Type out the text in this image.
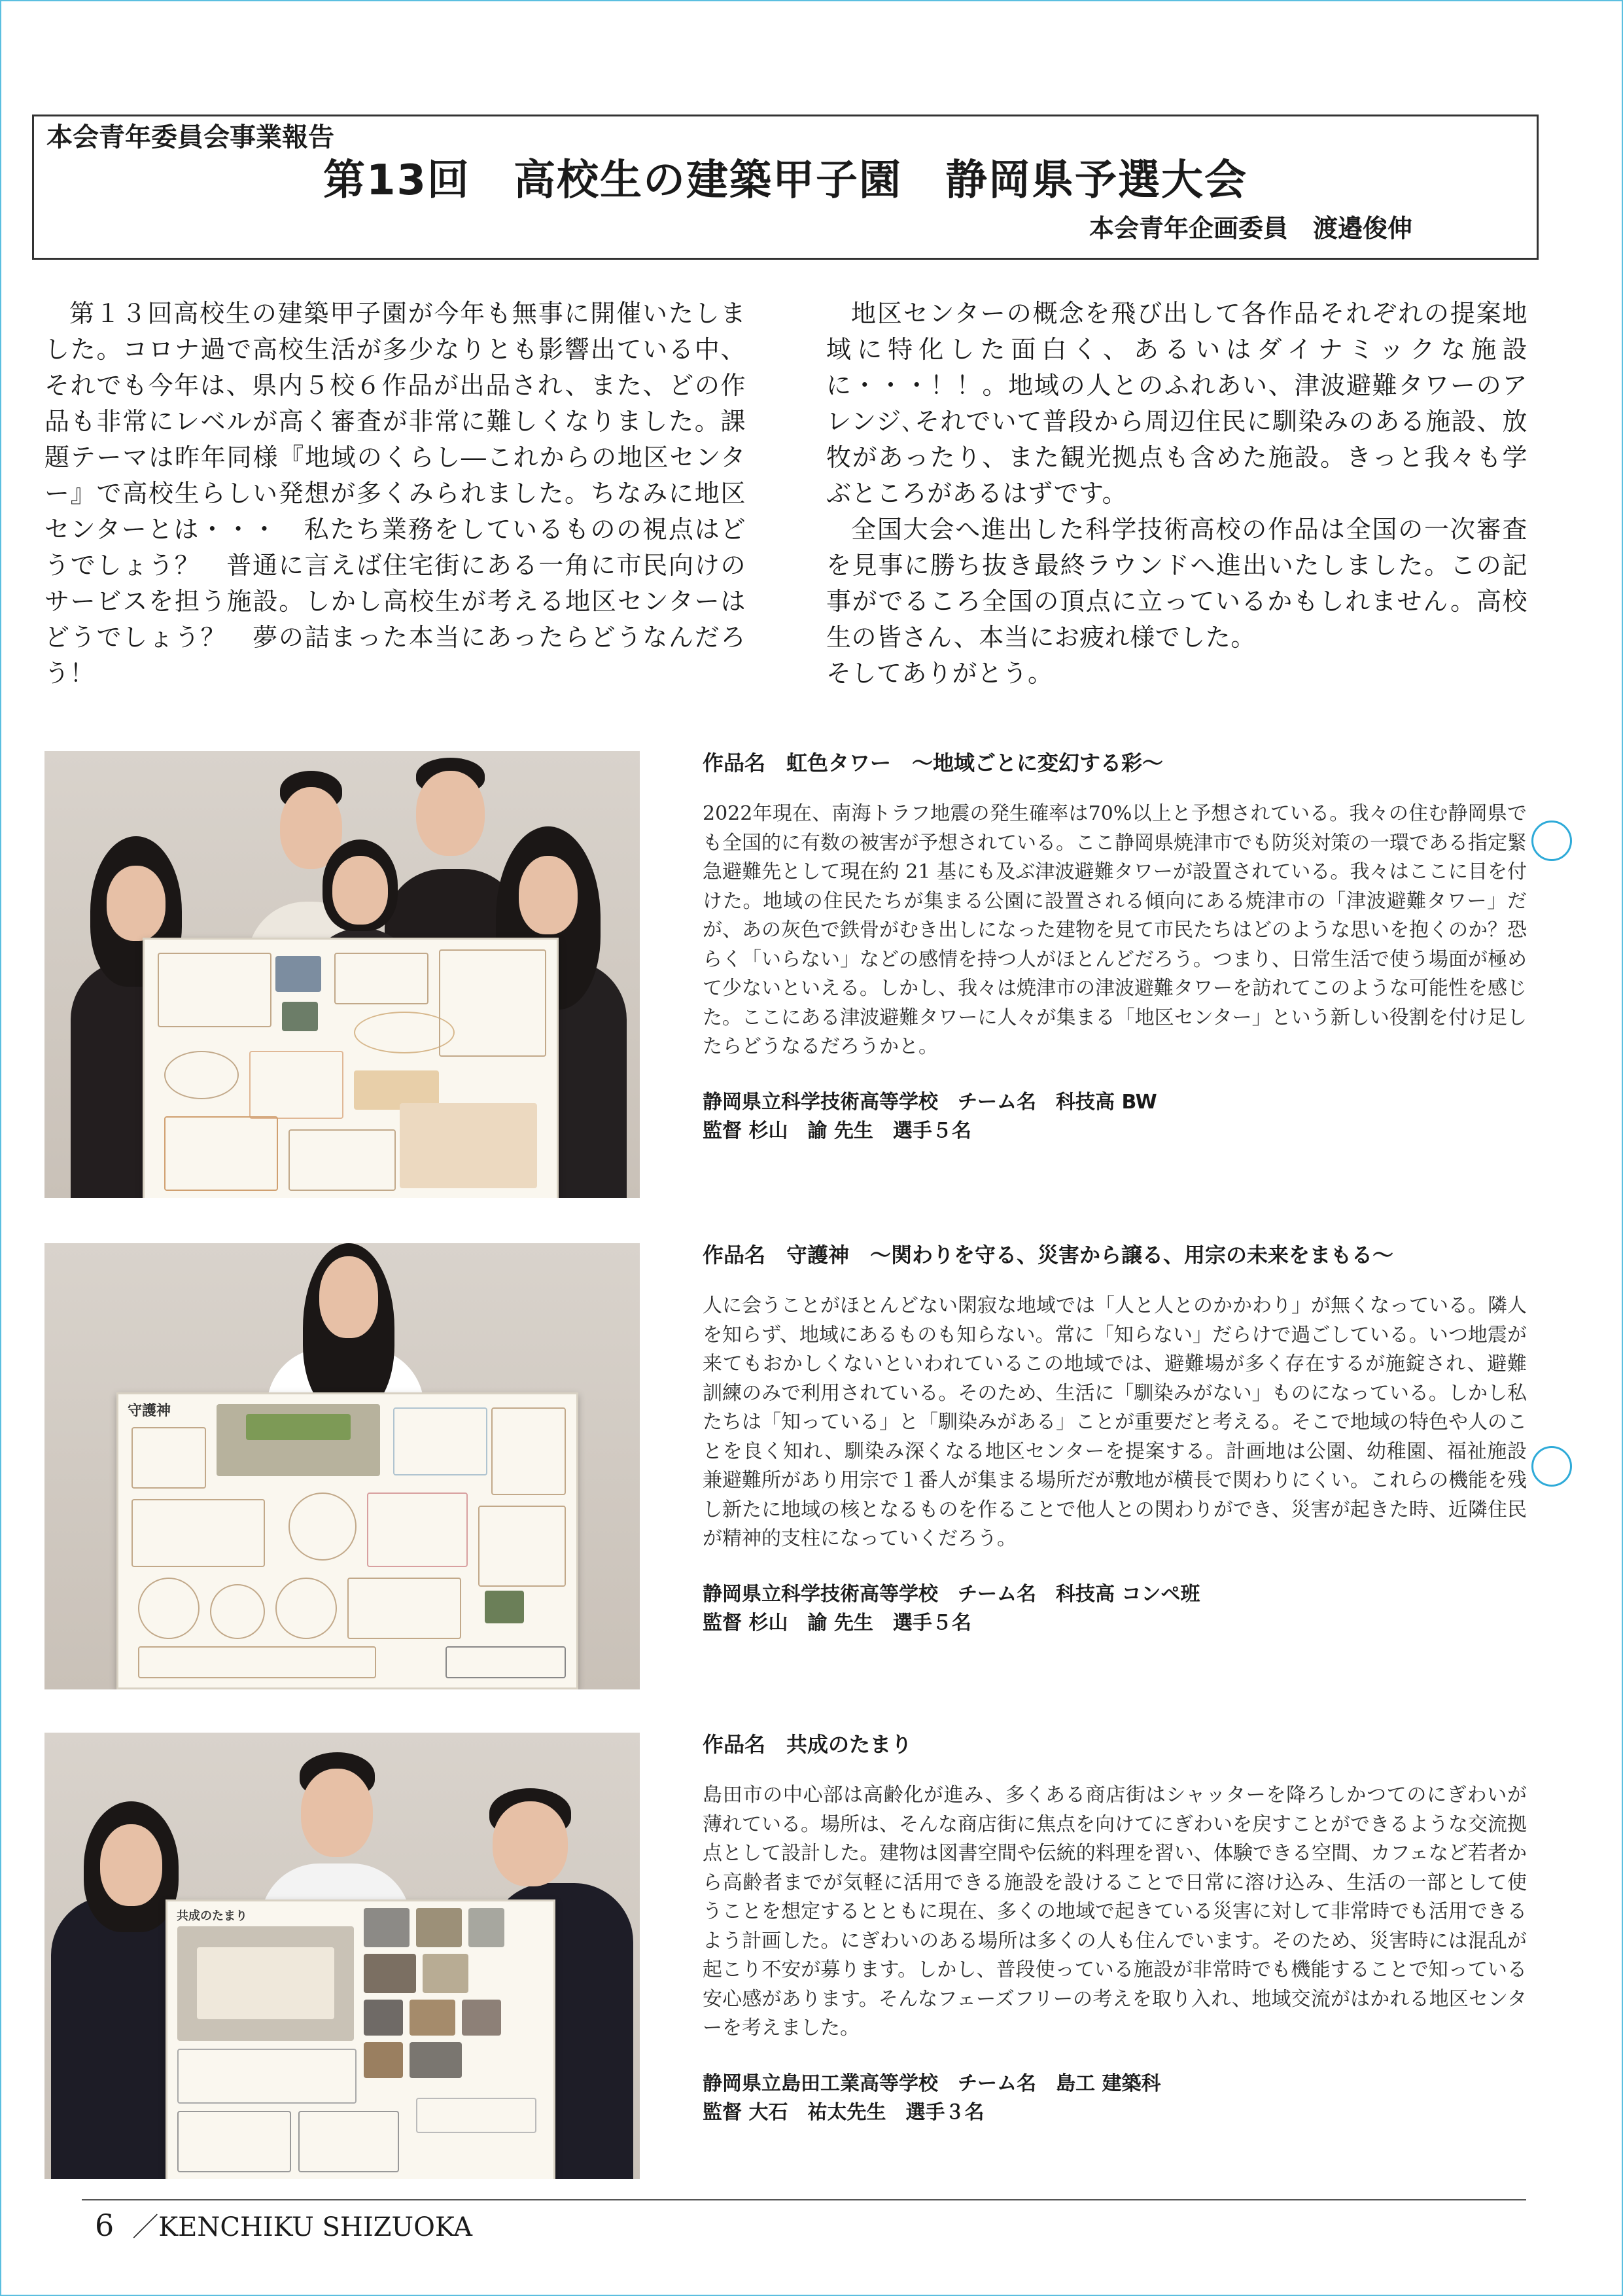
本会青年委員会事業報告
第13回　高校生の建築甲子園　静岡県予選大会
本会青年企画委員　渡邉俊伸

第１３回高校生の建築甲子園が今年も無事に開催いたしました。コロナ過で高校生活が多少なりとも影響出ている中、それでも今年は、県内５校６作品が出品され、また、どの作品も非常にレベルが高く審査が非常に難しくなりました。課題テーマは昨年同様『地域のくらし―これからの地区センター』で高校生らしい発想が多くみられました。ちなみに地区センターとは・・・　私たち業務をしているものの視点はどうでしょう？　普通に言えば住宅街にある一角に市民向けのサービスを担う施設。しかし高校生が考える地区センターはどうでしょう？　夢の詰まった本当にあったらどうなんだろう！

地区センターの概念を飛び出して各作品それぞれの提案地域に特化した面白く、あるいはダイナミックな施設に・・・！！。地域の人とのふれあい、津波避難タワーのアレンジ､それでいて普段から周辺住民に馴染みのある施設、放牧があったり、また観光拠点も含めた施設。きっと我々も学ぶところがあるはずです。

全国大会へ進出した科学技術高校の作品は全国の一次審査を見事に勝ち抜き最終ラウンドへ進出いたしました。この記事がでるころ全国の頂点に立っているかもしれません。高校生の皆さん、本当にお疲れ様でした。

そしてありがとう。

守護神
共成のたまり
作品名　虹色タワー　～地域ごとに変幻する彩～
2022年現在、南海トラフ地震の発生確率は70%以上と予想されている。我々の住む静岡県でも全国的に有数の被害が予想されている。ここ静岡県焼津市でも防災対策の一環である指定緊急避難先として現在約 21 基にも及ぶ津波避難タワーが設置されている。我々はここに目を付けた。地域の住民たちが集まる公園に設置される傾向にある焼津市の「津波避難タワー」だが、あの灰色で鉄骨がむき出しになった建物を見て市民たちはどのような思いを抱くのか？恐らく「いらない」などの感情を持つ人がほとんどだろう。つまり、日常生活で使う場面が極めて少ないといえる。しかし、我々は焼津市の津波避難タワーを訪れてこのような可能性を感じた。ここにある津波避難タワーに人々が集まる「地区センター」という新しい役割を付け足したらどうなるだろうかと。
静岡県立科学技術高等学校　チーム名　科技高 BW
監督 杉山　諭 先生　選手５名
作品名　守護神　～関わりを守る、災害から譲る、用宗の未来をまもる～
人に会うことがほとんどない閑寂な地域では「人と人とのかかわり」が無くなっている。隣人を知らず、地域にあるものも知らない。常に「知らない」だらけで過ごしている。いつ地震が来てもおかしくないといわれているこの地域では、避難場が多く存在するが施錠され、避難訓練のみで利用されている。そのため、生活に「馴染みがない」ものになっている。しかし私たちは「知っている」と「馴染みがある」ことが重要だと考える。そこで地域の特色や人のことを良く知れ、馴染み深くなる地区センターを提案する。計画地は公園、幼稚園、福祉施設兼避難所があり用宗で１番人が集まる場所だが敷地が横長で関わりにくい。これらの機能を残し新たに地域の核となるものを作ることで他人との関わりができ、災害が起きた時、近隣住民が精神的支柱になっていくだろう。
静岡県立科学技術高等学校　チーム名　科技高 コンペ班
監督 杉山　諭 先生　選手５名
作品名　共成のたまり
島田市の中心部は高齢化が進み、多くある商店街はシャッターを降ろしかつてのにぎわいが薄れている。場所は、そんな商店街に焦点を向けてにぎわいを戻すことができるような交流拠点として設計した。建物は図書空間や伝統的料理を習い、体験できる空間、カフェなど若者から高齢者までが気軽に活用できる施設を設けることで日常に溶け込み、生活の一部として使うことを想定するとともに現在、多くの地域で起きている災害に対して非常時でも活用できるよう計画した。にぎわいのある場所は多くの人も住んでいます。そのため、災害時には混乱が起こり不安が募ります。しかし、普段使っている施設が非常時でも機能することで知っている安心感があります。そんなフェーズフリーの考えを取り入れ、地域交流がはかれる地区センターを考えました。
静岡県立島田工業高等学校　チーム名　島工 建築科
監督 大石　祐太先生　選手３名
6 ／KENCHIKU SHIZUOKA
